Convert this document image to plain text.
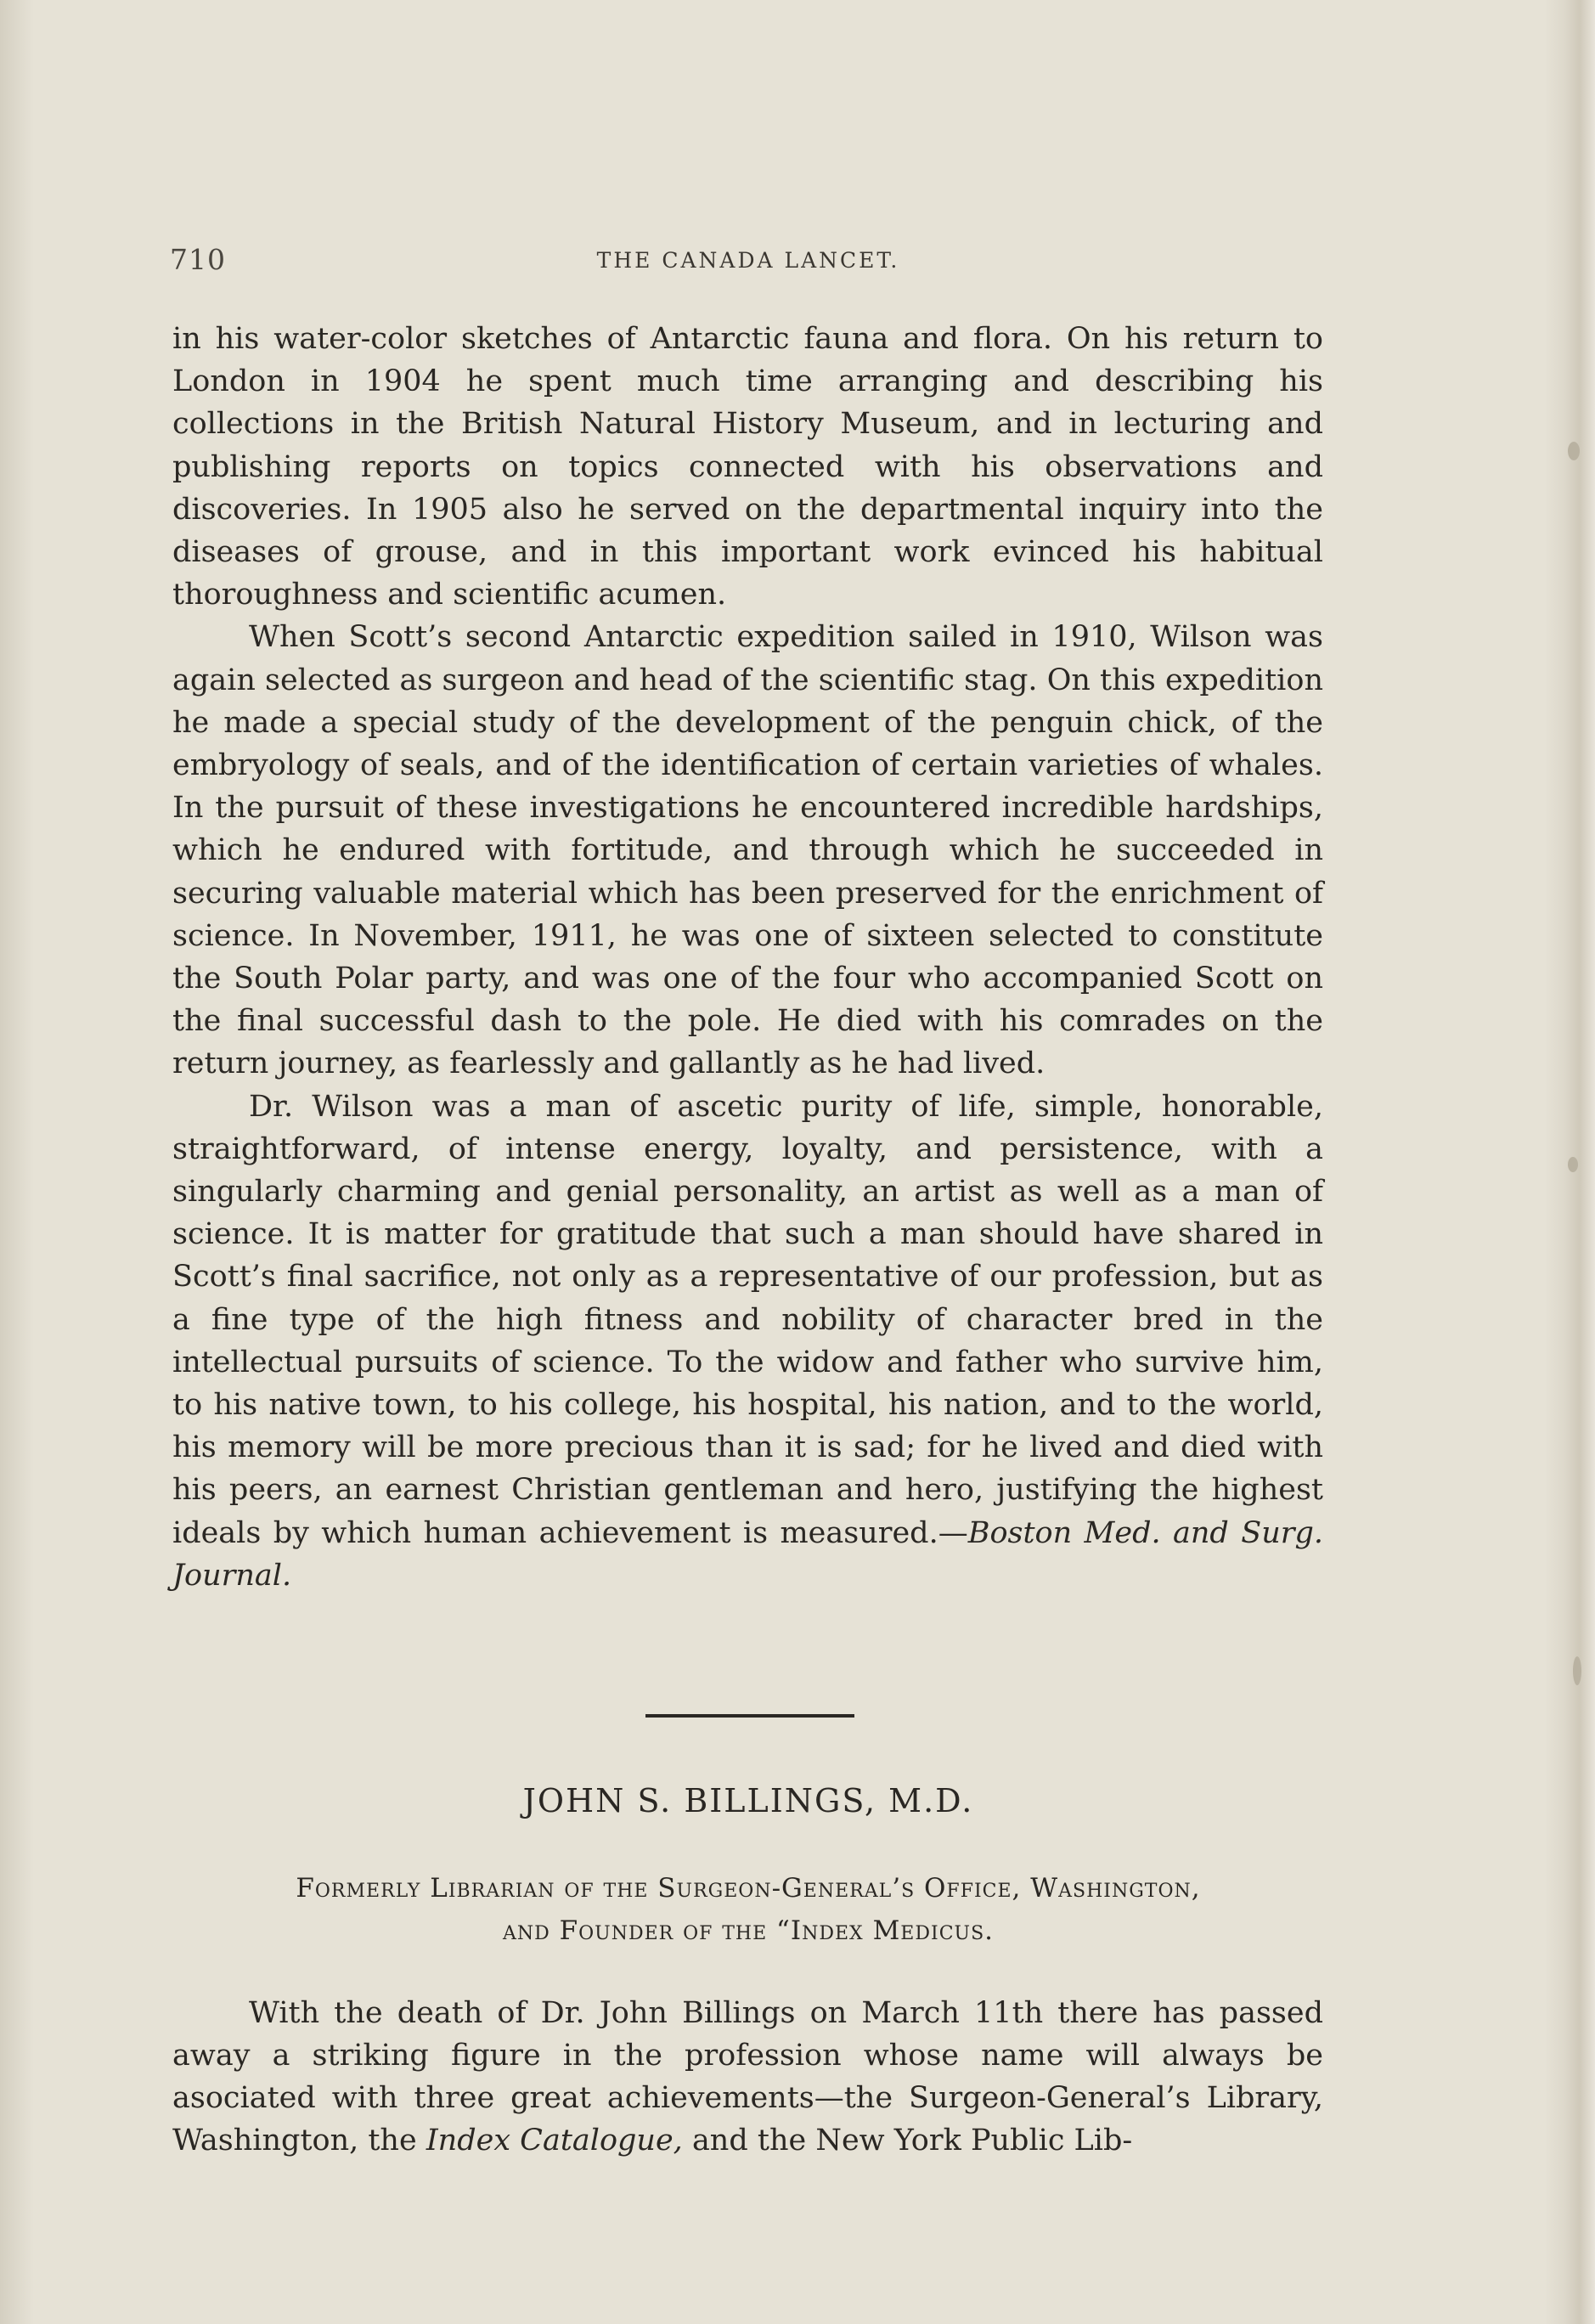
710	THE CANADA LANCET.

in his water-color sketches of Antarctic fauna and flora. On his return to London in 1904 he spent much time arranging and describing his collections in the British Natural History Museum, and in lecturing and publishing reports on topics connected with his observations and discoveries. In 1905 also he served on the departmental inquiry into the diseases of grouse, and in this important work evinced his habitual thoroughness and scientific acumen.

When Scott’s second Antarctic expedition sailed in 1910, Wilson was again selected as surgeon and head of the scientific stag. On this expedition he made a special study of the development of the penguin chick, of the embryology of seals, and of the identification of certain varieties of whales. In the pursuit of these investigations he encountered incredible hardships, which he endured with fortitude, and through which he succeeded in securing valuable material which has been preserved for the enrichment of science. In November, 1911, he was one of sixteen selected to constitute the South Polar party, and was one of the four who accompanied Scott on the final successful dash to the pole. He died with his comrades on the return journey, as fearlessly and gallantly as he had lived.

Dr. Wilson was a man of ascetic purity of life, simple, honorable, straightforward, of intense energy, loyalty, and persistence, with a singularly charming and genial personality, an artist as well as a man of science. It is matter for gratitude that such a man should have shared in Scott’s final sacrifice, not only as a representative of our profession, but as a fine type of the high fitness and nobility of character bred in the intellectual pursuits of science. To the widow and father who survive him, to his native town, to his college, his hospital, his nation, and to the world, his memory will be more precious than it is sad; for he lived and died with his peers, an earnest Christian gentleman and hero, justifying the highest ideals by which human achievement is measured.—Boston Med. and Surg. Journal.

JOHN S. BILLINGS, M.D.
Formerly Librarian of the Surgeon-General’s Office, Washington,
and Founder of the “Index Medicus.

With the death of Dr. John Billings on March 11th there has passed away a striking figure in the profession whose name will always be asociated with three great achievements—the Surgeon-General’s Library, Washington, the Index Catalogue, and the New York Public Lib-
